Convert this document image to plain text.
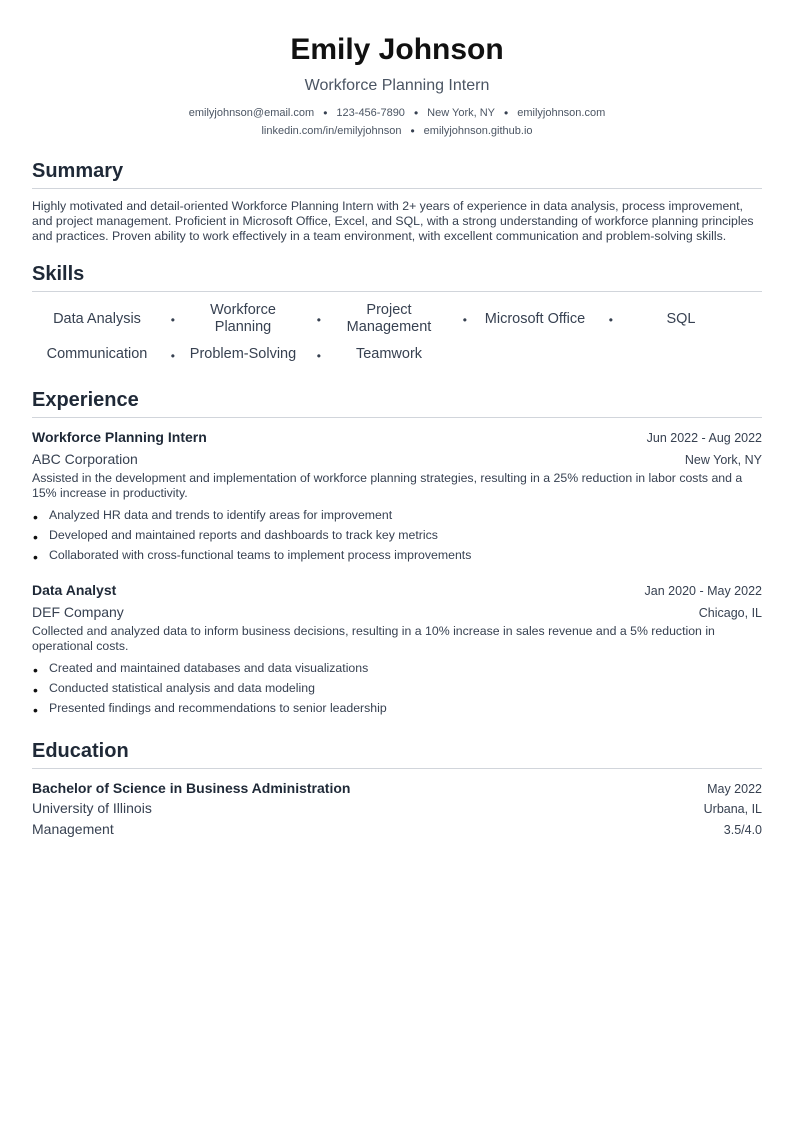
Emily Johnson
Workforce Planning Intern
emilyjohnson@email.com • 123-456-7890 • New York, NY • emilyjohnson.com
linkedin.com/in/emilyjohnson • emilyjohnson.github.io
Summary

Highly motivated and detail-oriented Workforce Planning Intern with 2+ years of experience in data analysis, process improvement, and project management. Proficient in Microsoft Office, Excel, and SQL, with a strong understanding of workforce planning principles and practices. Proven ability to work effectively in a team environment, with excellent communication and problem-solving skills.

Skills
Data Analysis •
Workforce Planning	•
Project Management	• Microsoft Office •	SQL
Communication • Problem-Solving • Teamwork
Experience
Workforce Planning Intern	Jun 2022 - Aug 2022
ABC Corporation	New York, NY
Assisted in the development and implementation of workforce planning strategies, resulting in a 25% reduction in labor costs and a 15% increase in productivity.
• Analyzed HR data and trends to identify areas for improvement
• Developed and maintained reports and dashboards to track key metrics
• Collaborated with cross-functional teams to implement process improvements
Data Analyst	Jan 2020 - May 2022
DEF Company	Chicago, IL
Collected and analyzed data to inform business decisions, resulting in a 10% increase in sales revenue and a 5% reduction in operational costs.
• Created and maintained databases and data visualizations
• Conducted statistical analysis and data modeling
• Presented findings and recommendations to senior leadership
Education
Bachelor of Science in Business Administration	May 2022
University of Illinois	Urbana, IL
Management	3.5/4.0
